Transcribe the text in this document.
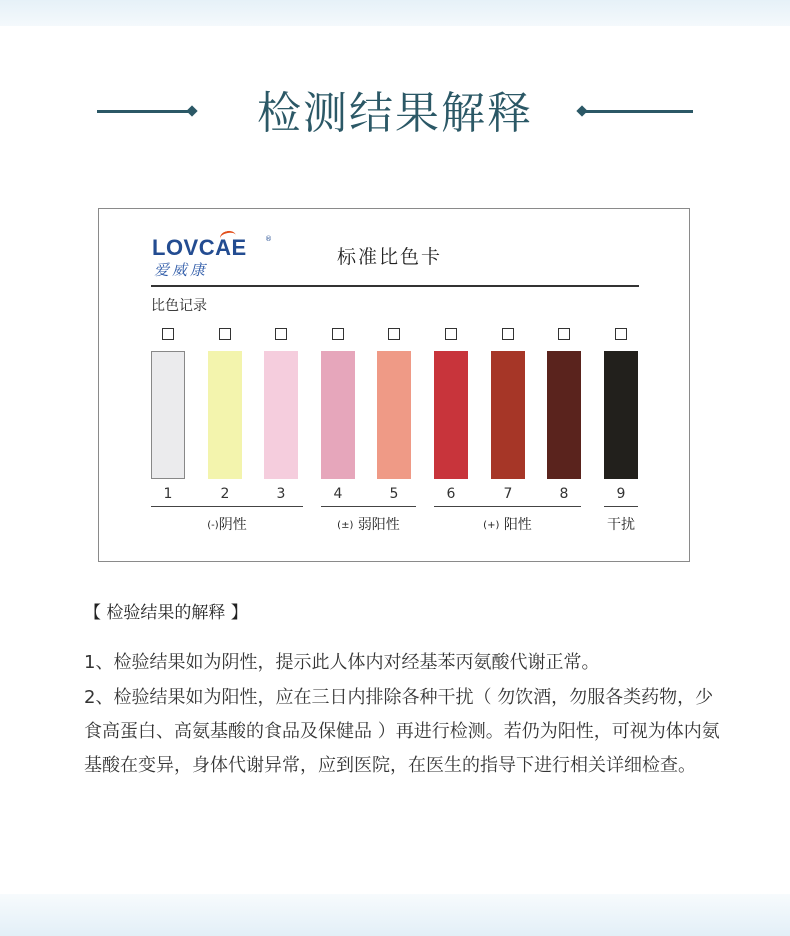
检测结果解释
LOVCAE	®
爱威康
标准比色卡
比色记录
1	2	3	4	5	6	7	8	9
(-)阴性	(±) 弱阳性	(+) 阳性	干扰
【 检验结果的解释 】

1、检验结果如为阴性，提示此人体内对经基苯丙氨酸代谢正常。

2、检验结果如为阳性，应在三日内排除各种干扰（ 勿饮酒，勿服各类药物，少食高蛋白、高氨基酸的食品及保健品 ）再进行检测。若仍为阳性，可视为体内氨基酸在变异，身体代谢异常，应到医院，在医生的指导下进行相关详细检查。
